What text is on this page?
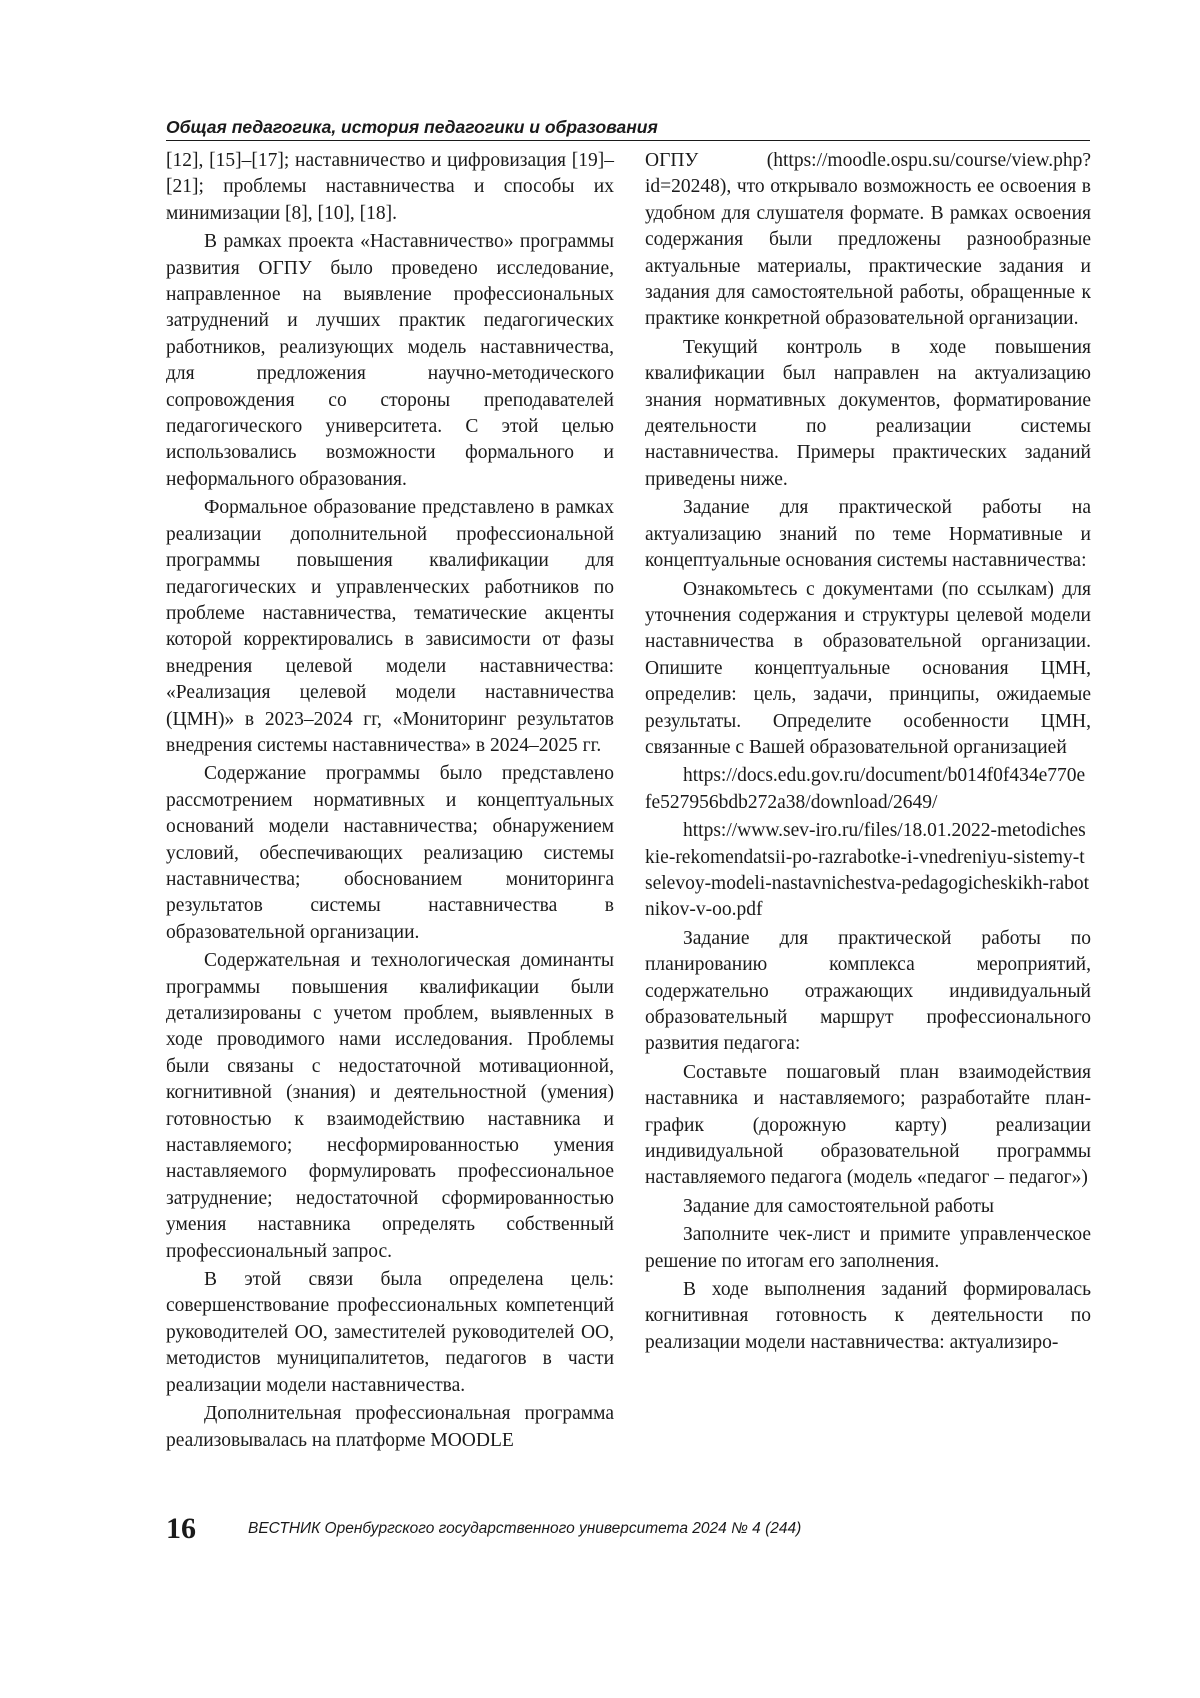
Общая педагогика, история педагогики и образования

[12], [15]–[17]; наставничество и цифровизация [19]–[21]; проблемы наставничества и способы их минимизации [8], [10], [18].

В рамках проекта «Наставничество» программы развития ОГПУ было проведено исследование, направленное на выявление профессиональных затруднений и лучших практик педагогических работников, реализующих модель наставничества, для предложения научно-методического сопровождения со стороны преподавателей педагогического университета. С этой целью использовались возможности формального и неформального образования.

Формальное образование представлено в рамках реализации дополнительной профессиональной программы повышения квалификации для педагогических и управленческих работников по проблеме наставничества, тематические акценты которой корректировались в зависимости от фазы внедрения целевой модели наставничества: «Реализация целевой модели наставничества (ЦМН)» в 2023–2024 гг, «Мониторинг результатов внедрения системы наставничества» в 2024–2025 гг.

Содержание программы было представлено рассмотрением нормативных и концептуальных оснований модели наставничества; обнаружением условий, обеспечивающих реализацию системы наставничества; обоснованием мониторинга результатов системы наставничества в образовательной организации.

Содержательная и технологическая доминанты программы повышения квалификации были детализированы с учетом проблем, выявленных в ходе проводимого нами исследования. Проблемы были связаны с недостаточной мотивационной, когнитивной (знания) и деятельностной (умения) готовностью к взаимодействию наставника и наставляемого; несформированностью умения наставляемого формулировать профессиональное затруднение; недостаточной сформированностью умения наставника определять собственный профессиональный запрос.

В этой связи была определена цель: совершенствование профессиональных компетенций руководителей ОО, заместителей руководителей ОО, методистов муниципалитетов, педагогов в части реализации модели наставничества.

Дополнительная профессиональная программа реализовывалась на платформе MOODLE

ОГПУ (https://moodle.ospu.su/course/view.php?id=20248), что открывало возможность ее освоения в удобном для слушателя формате. В рамках освоения содержания были предложены разнообразные актуальные материалы, практические задания и задания для самостоятельной работы, обращенные к практике конкретной образовательной организации.

Текущий контроль в ходе повышения квалификации был направлен на актуализацию знания нормативных документов, форматирование деятельности по реализации системы наставничества. Примеры практических заданий приведены ниже.

Задание для практической работы на актуализацию знаний по теме Нормативные и концептуальные основания системы наставничества:

Ознакомьтесь с документами (по ссылкам) для уточнения содержания и структуры целевой модели наставничества в образовательной организации. Опишите концептуальные основания ЦМН, определив: цель, задачи, принципы, ожидаемые результаты. Определите особенности ЦМН, связанные с Вашей образовательной организацией

https://docs.edu.gov.ru/document/b014f0f434e770efe527956bdb272a38/download/2649/

https://www.sev-iro.ru/files/18.01.2022-metodicheskie-rekomendatsii-po-razrabotke-i-vnedreniyu-sistemy-tselevoy-modeli-nastavnichestva-pedagogicheskikh-rabotnikov-v-oo.pdf

Задание для практической работы по планированию комплекса мероприятий, содержательно отражающих индивидуальный образовательный маршрут профессионального развития педагога:

Составьте пошаговый план взаимодействия наставника и наставляемого; разработайте план-график (дорожную карту) реализации индивидуальной образовательной программы наставляемого педагога (модель «педагог – педагог»)

Задание для самостоятельной работы

Заполните чек-лист и примите управленческое решение по итогам его заполнения.

В ходе выполнения заданий формировалась когнитивная готовность к деятельности по реализации модели наставничества: актуализиро-

16	ВЕСТНИК Оренбургского государственного университета 2024 № 4 (244)
